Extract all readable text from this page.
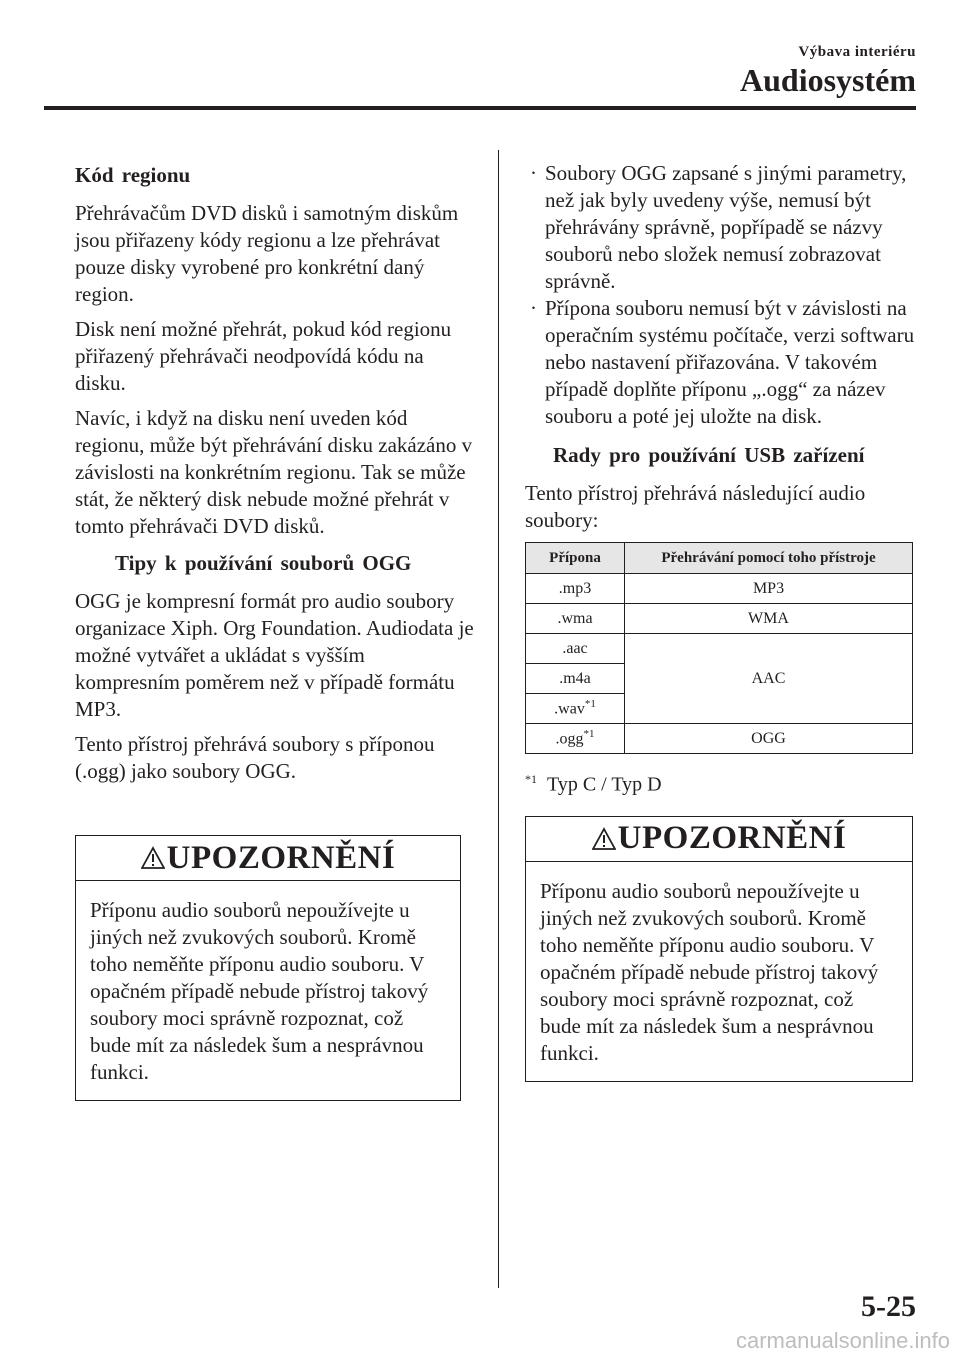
Výbava interiéru
Audiosystém
Kód regionu

Přehrávačům DVD disků i samotným diskům jsou přiřazeny kódy regionu a lze přehrávat pouze disky vyrobené pro konkrétní daný region.

Disk není možné přehrát, pokud kód regionu přiřazený přehrávači neodpovídá kódu na disku.

Navíc, i když na disku není uveden kód regionu, může být přehrávání disku zakázáno v závislosti na konkrétním regionu. Tak se může stát, že některý disk nebude možné přehrát v tomto přehrávači DVD disků.

Tipy k používání souborů OGG

OGG je kompresní formát pro audio soubory organizace Xiph. Org Foundation. Audiodata je možné vytvářet a ukládat s vyšším kompresním poměrem než v případě formátu MP3.

Tento přístroj přehrává soubory s příponou (.ogg) jako soubory OGG.

UPOZORNĚNÍ
Příponu audio souborů nepoužívejte u jiných než zvukových souborů. Kromě toho neměňte příponu audio souboru. V opačném případě nebude přístroj takový soubory moci správně rozpoznat, což bude mít za následek šum a nesprávnou funkci.
· Soubory OGG zapsané s jinými parametry, než jak byly uvedeny výše, nemusí být přehrávány správně, popřípadě se názvy souborů nebo složek nemusí zobrazovat správně.
· Přípona souboru nemusí být v závislosti na operačním systému počítače, verzi softwaru nebo nastavení přiřazována. V takovém případě doplňte příponu „.ogg“ za název souboru a poté jej uložte na disk.
Rady pro používání USB zařízení

Tento přístroj přehrává následující audio soubory:

Přípona	Přehrávání pomocí toho přístroje
.mp3	MP3
.wma	WMA
.aac	AAC
.m4a	
.wav$^{*1}$
.ogg$^{*1}$	OGG
$^{*1}$ Typ C / Typ D
UPOZORNĚNÍ
Příponu audio souborů nepoužívejte u jiných než zvukových souborů. Kromě toho neměňte příponu audio souboru. V opačném případě nebude přístroj takový soubory moci správně rozpoznat, což bude mít za následek šum a nesprávnou funkci.
5-25
carmanualsonline.info
